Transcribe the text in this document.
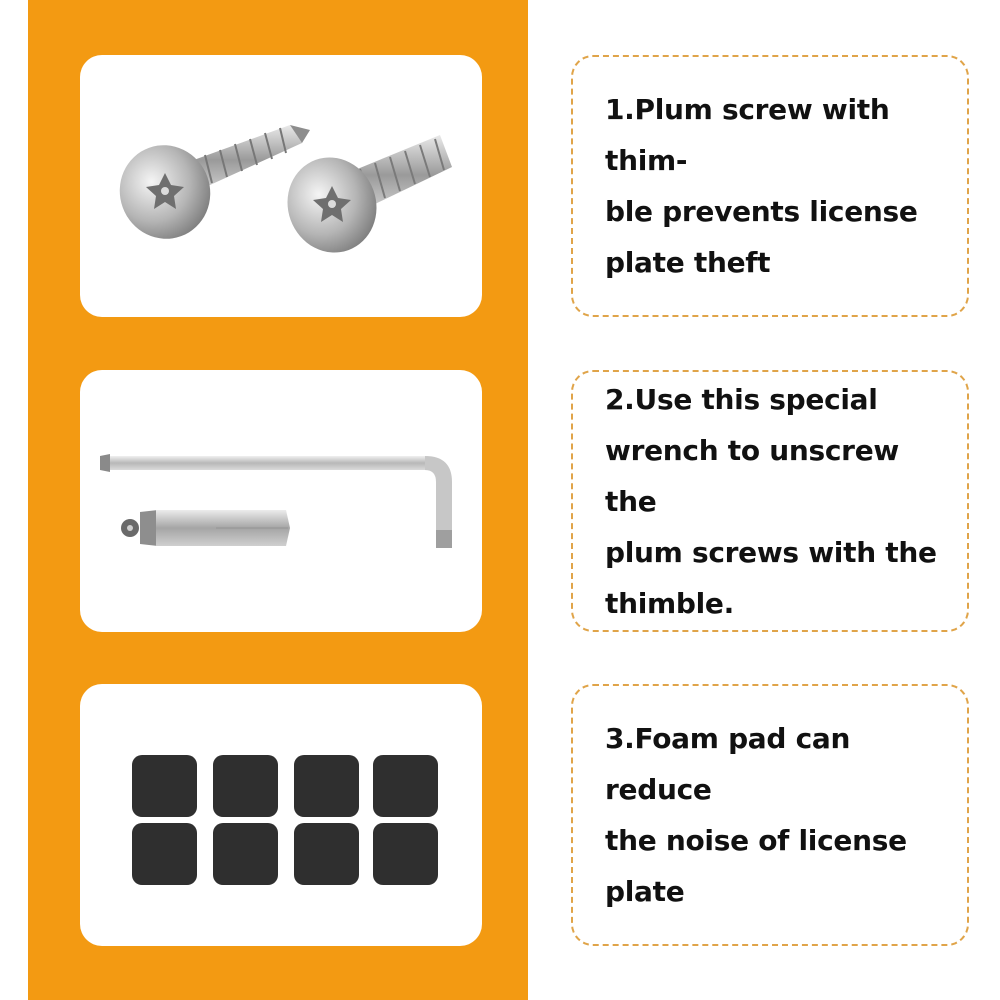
1.Plum screw with thim-
ble prevents license
plate theft

2.Use this special
wrench to unscrew the
plum screws with the
thimble.

3.Foam pad can reduce
the noise of license
plate
